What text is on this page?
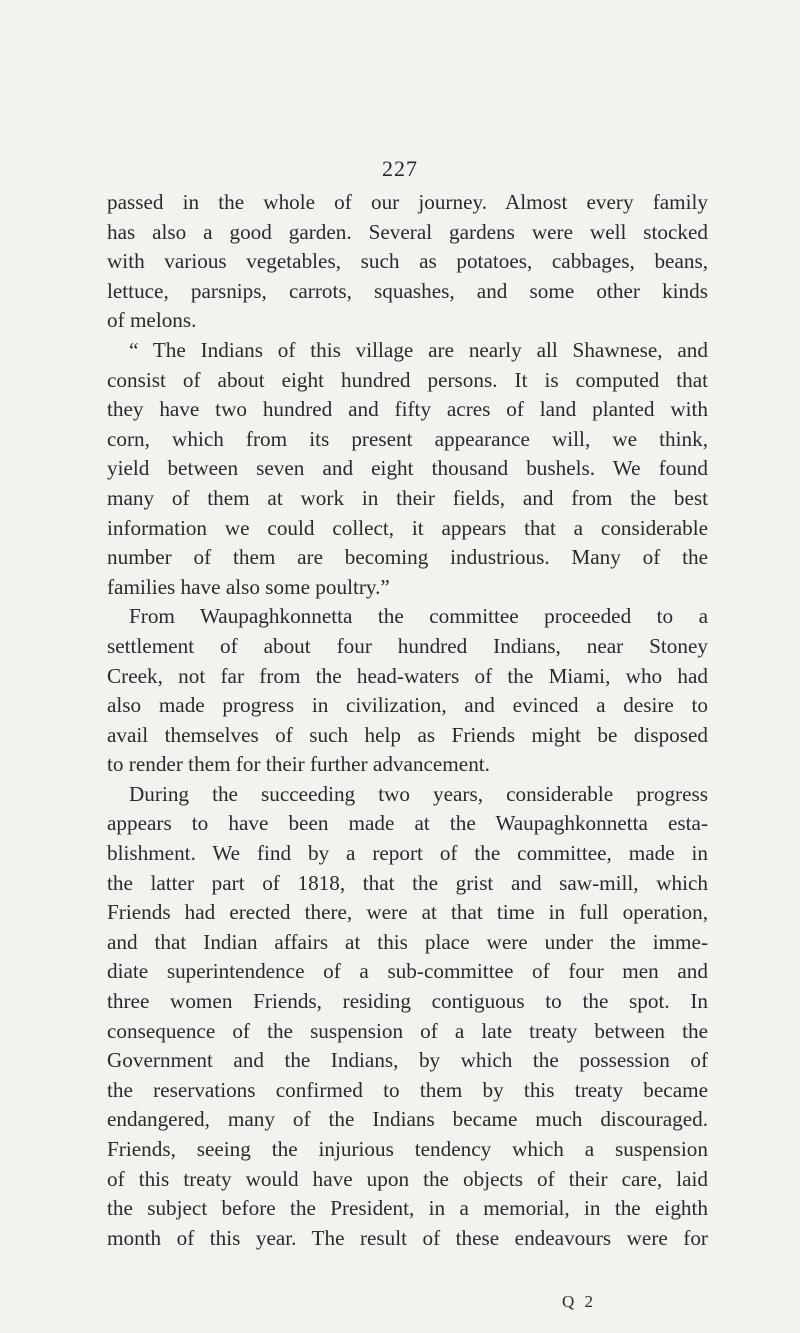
227
passed in the whole of our journey. Almost every family
has also a good garden. Several gardens were well stocked
with various vegetables, such as potatoes, cabbages, beans,
lettuce, parsnips, carrots, squashes, and some other kinds
of melons.
“ The Indians of this village are nearly all Shawnese, and
consist of about eight hundred persons. It is computed that
they have two hundred and fifty acres of land planted with
corn, which from its present appearance will, we think,
yield between seven and eight thousand bushels. We found
many of them at work in their fields, and from the best
information we could collect, it appears that a considerable
number of them are becoming industrious. Many of the
families have also some poultry.”
From Waupaghkonnetta the committee proceeded to a
settlement of about four hundred Indians, near Stoney
Creek, not far from the head-waters of the Miami, who had
also made progress in civilization, and evinced a desire to
avail themselves of such help as Friends might be disposed
to render them for their further advancement.
During the succeeding two years, considerable progress
appears to have been made at the Waupaghkonnetta esta-
blishment. We find by a report of the committee, made in
the latter part of 1818, that the grist and saw-mill, which
Friends had erected there, were at that time in full operation,
and that Indian affairs at this place were under the imme-
diate superintendence of a sub-committee of four men and
three women Friends, residing contiguous to the spot. In
consequence of the suspension of a late treaty between the
Government and the Indians, by which the possession of
the reservations confirmed to them by this treaty became
endangered, many of the Indians became much discouraged.
Friends, seeing the injurious tendency which a suspension
of this treaty would have upon the objects of their care, laid
the subject before the President, in a memorial, in the eighth
month of this year. The result of these endeavours were for
Q 2
